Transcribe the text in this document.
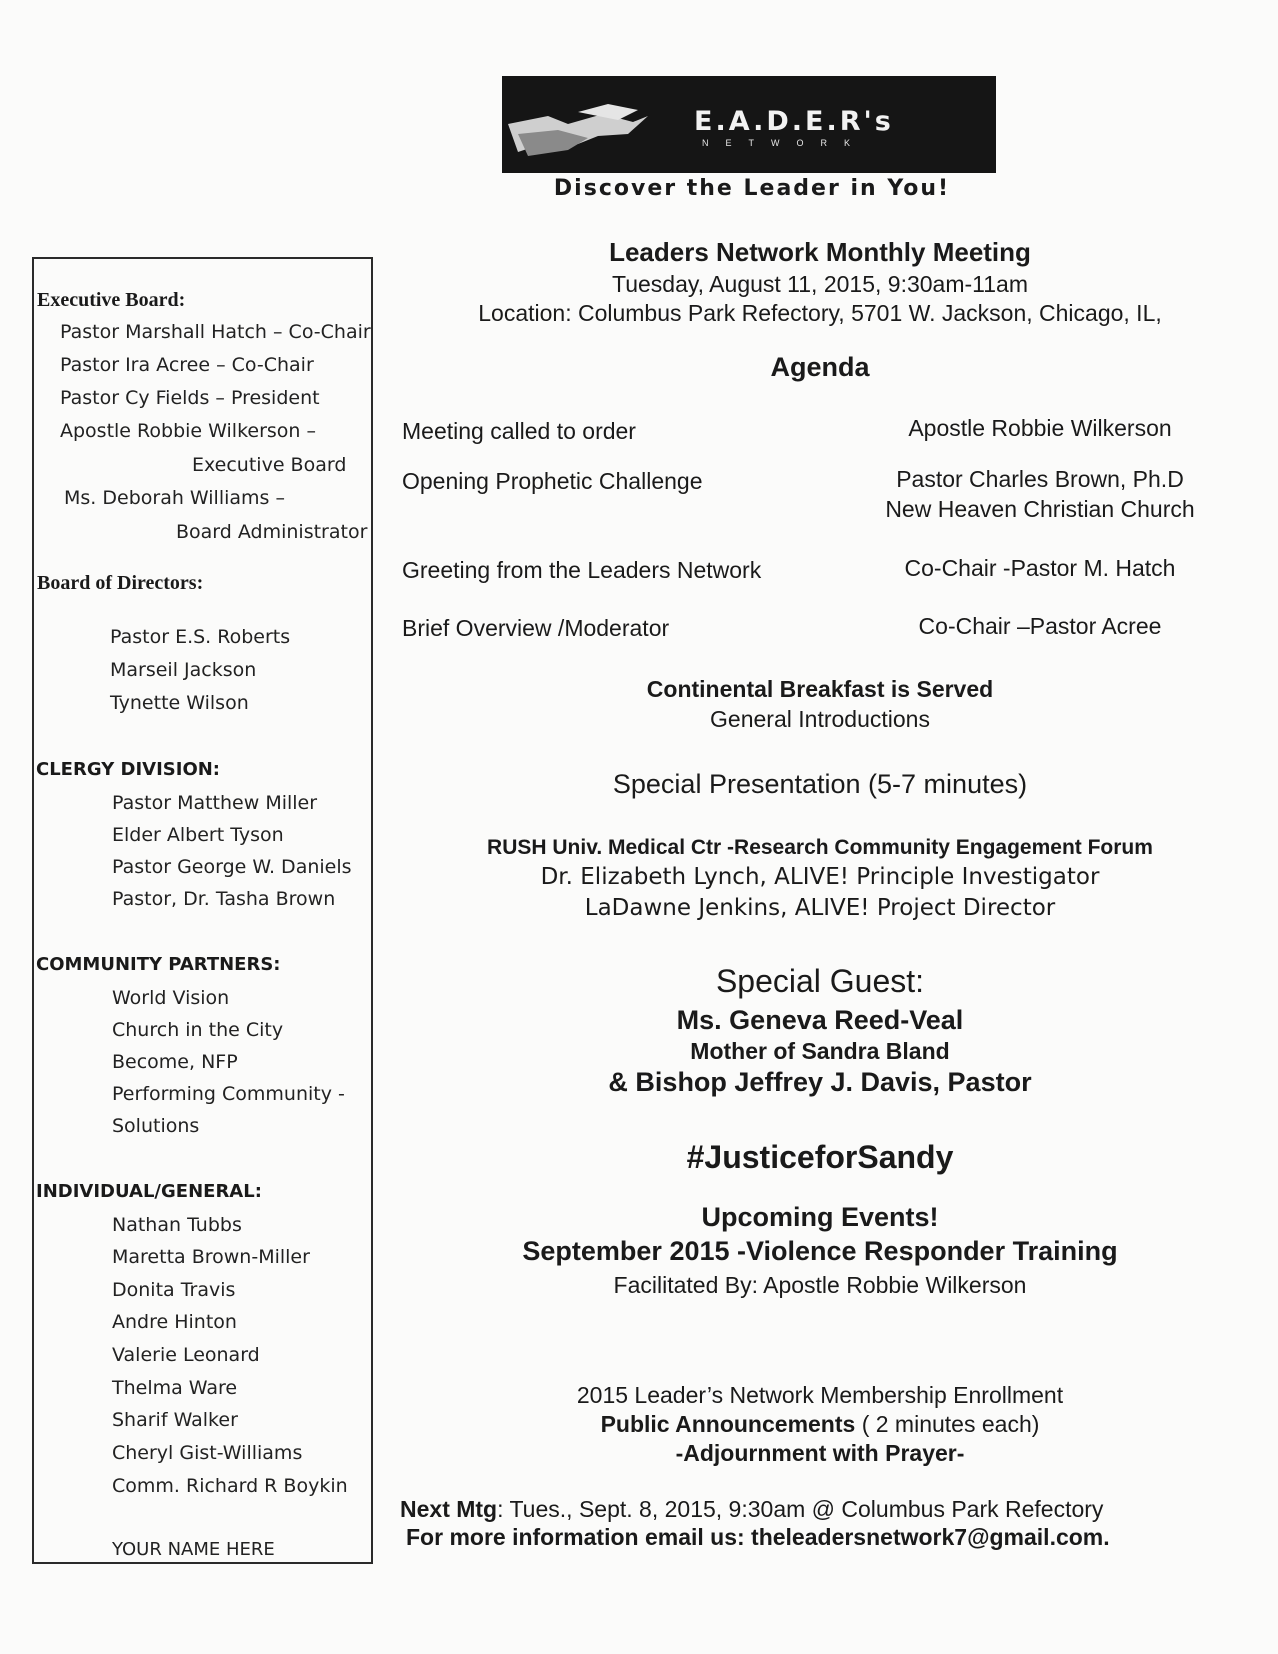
E.A.D.E.R's
NETWORK
Discover the Leader in You!
Executive Board:
Pastor Marshall Hatch – Co-Chair
Pastor Ira Acree – Co-Chair
Pastor Cy Fields – President
Apostle Robbie Wilkerson –
Executive Board
Ms. Deborah Williams –
Board Administrator
Board of Directors:
Pastor E.S. Roberts
Marseil Jackson
Tynette Wilson
CLERGY DIVISION:
Pastor Matthew Miller
Elder Albert Tyson
Pastor George W. Daniels
Pastor, Dr. Tasha Brown
COMMUNITY PARTNERS:
World Vision
Church in the City
Become, NFP
Performing Community -
Solutions
INDIVIDUAL/GENERAL:
Nathan Tubbs
Maretta Brown-Miller
Donita Travis
Andre Hinton
Valerie Leonard
Thelma Ware
Sharif Walker
Cheryl Gist-Williams
Comm. Richard R Boykin
YOUR NAME HERE
Leaders Network Monthly Meeting
Tuesday, August 11, 2015, 9:30am-11am
Location: Columbus Park Refectory, 5701 W. Jackson, Chicago, IL,
Agenda
Meeting called to order	Apostle Robbie Wilkerson
Opening Prophetic Challenge	Pastor Charles Brown, Ph.D
New Heaven Christian Church
Greeting from the Leaders Network	Co-Chair -Pastor M. Hatch
Brief Overview /Moderator	Co-Chair –Pastor Acree
Continental Breakfast is Served
General Introductions
Special Presentation (5-7 minutes)
RUSH Univ. Medical Ctr -Research Community Engagement Forum
Dr. Elizabeth Lynch, ALIVE! Principle Investigator
LaDawne Jenkins, ALIVE! Project Director
Special Guest:
Ms. Geneva Reed-Veal
Mother of Sandra Bland
& Bishop Jeffrey J. Davis, Pastor
#JusticeforSandy
Upcoming Events!
September 2015 -Violence Responder Training
Facilitated By: Apostle Robbie Wilkerson
2015 Leader’s Network Membership Enrollment
Public Announcements ( 2 minutes each)
-Adjournment with Prayer-
Next Mtg: Tues., Sept. 8, 2015, 9:30am @ Columbus Park Refectory
For more information email us: theleadersnetwork7@gmail.com.
